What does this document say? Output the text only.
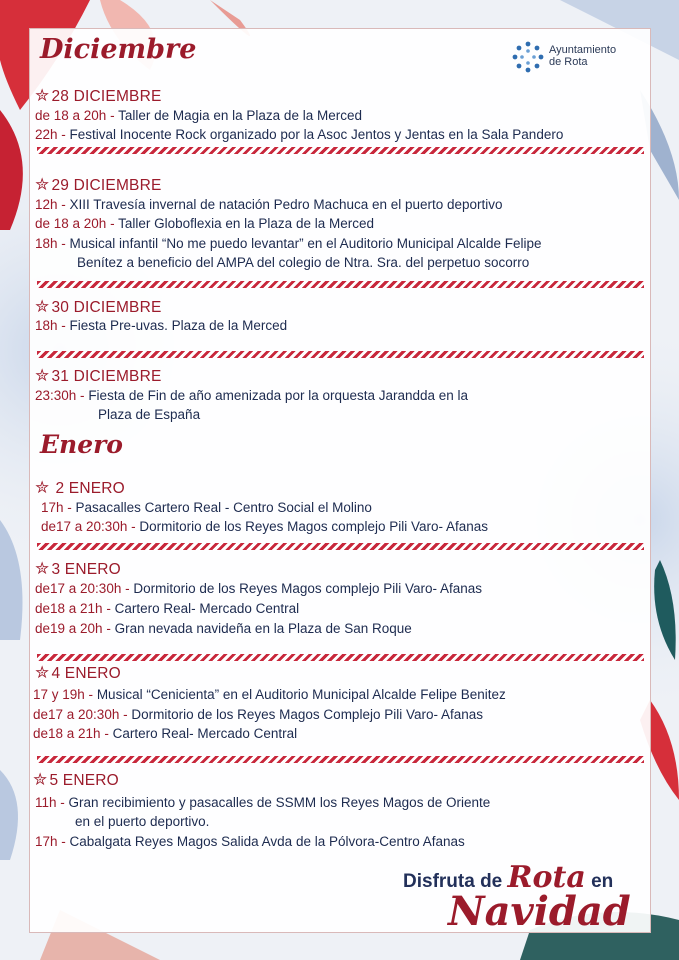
Diciembre	Ayuntamiento
de Rota
✮ 28 DICIEMBRE
de 18 a 20h - Taller de Magia en la Plaza de la Merced
22h - Festival Inocente Rock organizado por la Asoc Jentos y Jentas en la Sala Pandero
✮ 29 DICIEMBRE
12h - XIII Travesía invernal de natación Pedro Machuca en el puerto deportivo
de 18 a 20h - Taller Globoflexia en la Plaza de la Merced
18h - Musical infantil “No me puedo levantar” en el Auditorio Municipal Alcalde Felipe
Benítez a beneficio del AMPA del colegio de Ntra. Sra. del perpetuo socorro
✮ 30 DICIEMBRE
18h - Fiesta Pre-uvas. Plaza de la Merced
✮ 31 DICIEMBRE
23:30h - Fiesta de Fin de año amenizada por la orquesta Jarandda en la
Plaza de España
Enero
✮ 2 ENERO
17h - Pasacalles Cartero Real - Centro Social el Molino
de17 a 20:30h - Dormitorio de los Reyes Magos complejo Pili Varo- Afanas
✮ 3 ENERO
de17 a 20:30h - Dormitorio de los Reyes Magos complejo Pili Varo- Afanas
de18 a 21h - Cartero Real- Mercado Central
de19 a 20h - Gran nevada navideña en la Plaza de San Roque
✮ 4 ENERO
17 y 19h - Musical “Cenicienta” en el Auditorio Municipal Alcalde Felipe Benitez
de17 a 20:30h - Dormitorio de los Reyes Magos Complejo Pili Varo- Afanas
de18 a 21h - Cartero Real- Mercado Central
✮ 5 ENERO
11h - Gran recibimiento y pasacalles de SSMM los Reyes Magos de Oriente
en el puerto deportivo.
17h - Cabalgata Reyes Magos Salida Avda de la Pólvora-Centro Afanas
Disfruta de Rota en
Navidad
